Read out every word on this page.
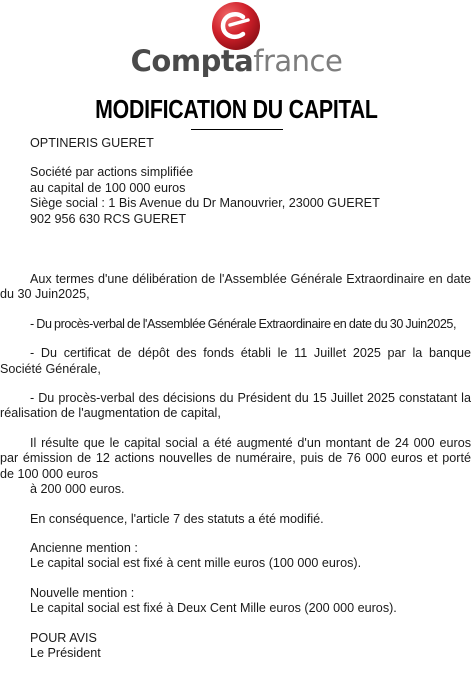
Comptafrance
MODIFICATION DU CAPITAL

OPTINERIS GUERET

Société par actions simplifiée

au capital de 100 000 euros

Siège social : 1 Bis Avenue du Dr Manouvrier, 23000 GUERET

902 956 630 RCS GUERET

Aux termes d'une délibération de l'Assemblée Générale Extraordinaire en date du 30 Juin2025,

- Du procès-verbal de l'Assemblée Générale Extraordinaire en date du 30 Juin2025,

- Du certificat de dépôt des fonds établi le 11 Juillet 2025 par la banque Société Générale,

- Du procès-verbal des décisions du Président du 15 Juillet 2025 constatant la réalisation de l'augmentation de capital,

Il résulte que le capital social a été augmenté d'un montant de 24 000 euros par émission de 12 actions nouvelles de numéraire, puis de 76 000 euros et porté de 100 000 euros

à 200 000 euros.

En conséquence, l'article 7 des statuts a été modifié.

Ancienne mention :

Le capital social est fixé à cent mille euros (100 000 euros).

Nouvelle mention :

Le capital social est fixé à Deux Cent Mille euros (200 000 euros).

POUR AVIS

Le Président
